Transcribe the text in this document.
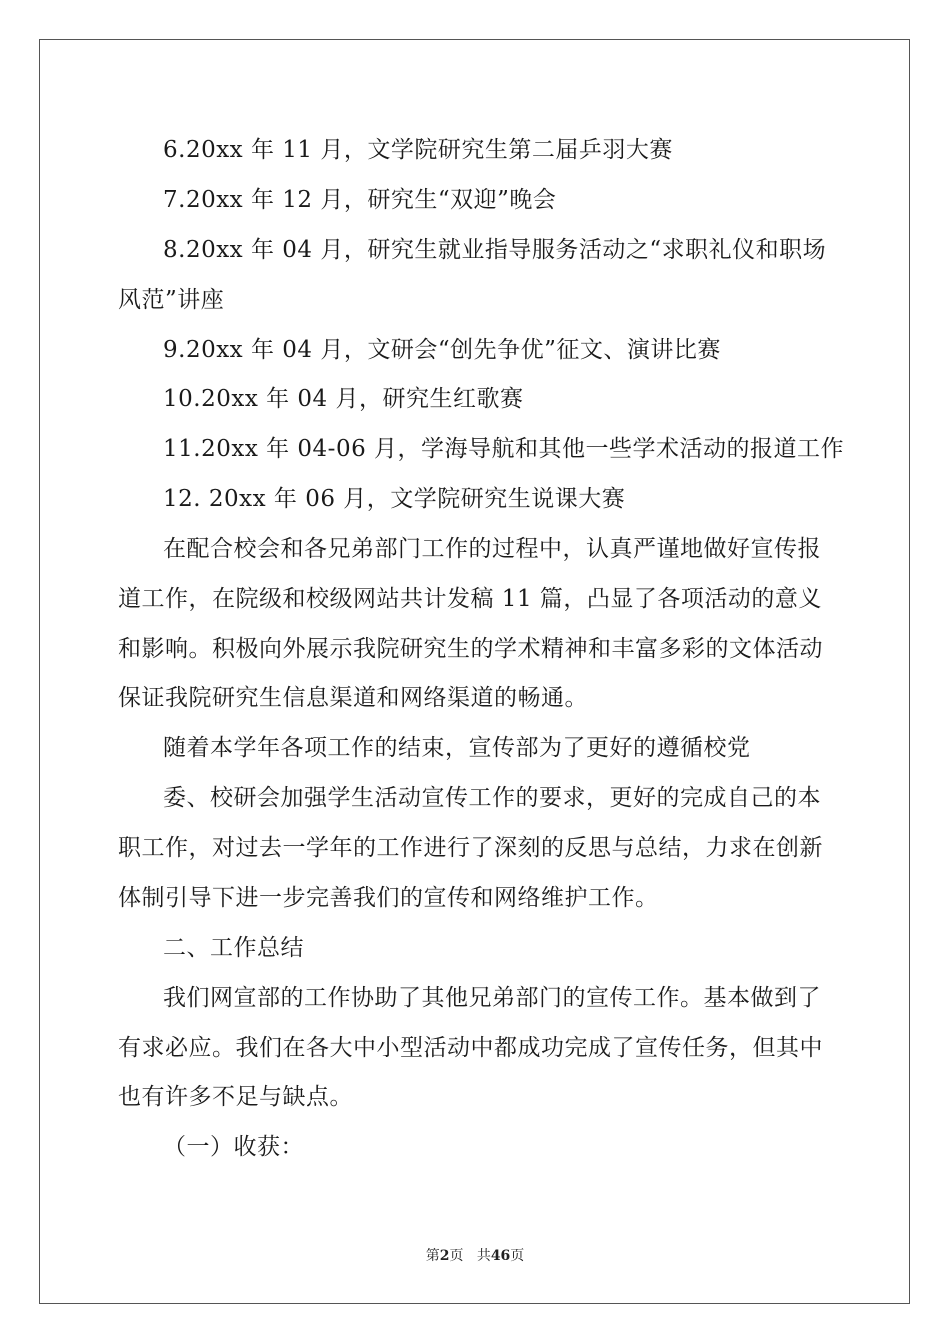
6.20xx 年 11 月，文学院研究生第二届乒羽大赛
7.20xx 年 12 月，研究生“双迎”晚会
8.20xx 年 04 月，研究生就业指导服务活动之“求职礼仪和职场
风范”讲座
9.20xx 年 04 月，文研会“创先争优”征文、演讲比赛
10.20xx 年 04 月，研究生红歌赛
11.20xx 年 04-06 月，学海导航和其他一些学术活动的报道工作
12. 20xx 年 06 月，文学院研究生说课大赛
在配合校会和各兄弟部门工作的过程中，认真严谨地做好宣传报
道工作，在院级和校级网站共计发稿 11 篇，凸显了各项活动的意义
和影响。积极向外展示我院研究生的学术精神和丰富多彩的文体活动
保证我院研究生信息渠道和网络渠道的畅通。
随着本学年各项工作的结束，宣传部为了更好的遵循校党
委、校研会加强学生活动宣传工作的要求，更好的完成自己的本
职工作，对过去一学年的工作进行了深刻的反思与总结，力求在创新
体制引导下进一步完善我们的宣传和网络维护工作。
二、工作总结
我们网宣部的工作协助了其他兄弟部门的宣传工作。基本做到了
有求必应。我们在各大中小型活动中都成功完成了宣传任务，但其中
也有许多不足与缺点。
（一）收获：
第2页 共46页
